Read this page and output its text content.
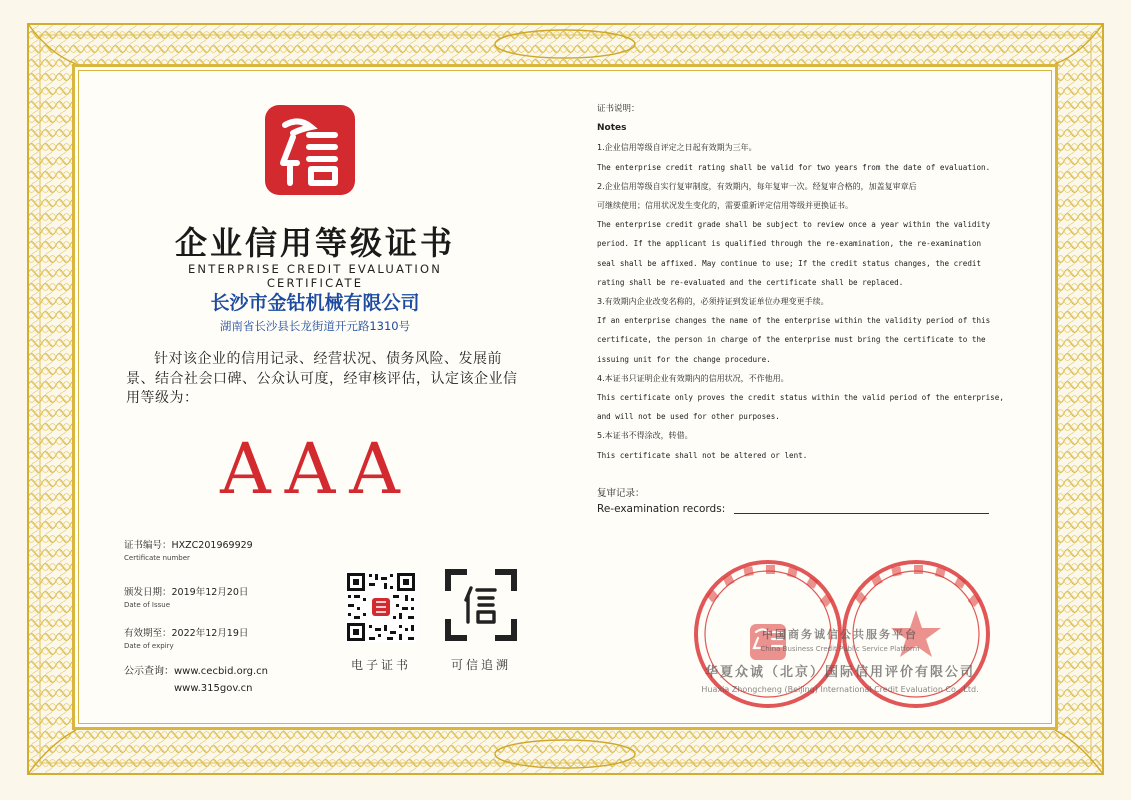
企业信用等级证书
ENTERPRISE CREDIT EVALUATION CERTIFICATE
长沙市金钻机械有限公司
湖南省长沙县长龙街道开元路1310号
针对该企业的信用记录、经营状况、债务风险、发展前景、结合社会口碑、公众认可度，经审核评估，认定该企业信用等级为：
AAA
证书编号：HXZC201969929
Certificate number
颁发日期：2019年12月20日
Date of Issue
有效期至：2022年12月19日
Date of expiry
公示查询：www.cecbid.org.cn
www.315gov.cn
电子证书	可信追溯
证书说明：
Notes
1.企业信用等级自评定之日起有效期为三年。
The enterprise credit rating shall be valid for two years from the date of evaluation.
2.企业信用等级自实行复审制度，有效期内，每年复审一次。经复审合格的，加盖复审章后
可继续使用；信用状况发生变化的，需要重新评定信用等级并更换证书。
The enterprise credit grade shall be subject to review once a year within the validity
period. If the applicant is qualified through the re-examination, the re-examination
seal shall be affixed. May continue to use; If the credit status changes, the credit
rating shall be re-evaluated and the certificate shall be replaced.
3.有效期内企业改变名称的，必须持证到发证单位办理变更手续。
If an enterprise changes the name of the enterprise within the validity period of this
certificate, the person in charge of the enterprise must bring the certificate to the
issuing unit for the change procedure.
4.本证书只证明企业有效期内的信用状况，不作他用。
This certificate only proves the credit status within the valid period of the enterprise,
and will not be used for other purposes.
5.本证书不得涂改，转借。
This certificate shall not be altered or lent.
复审记录：
Re-examination records:
中国商务诚信公共服务平台
China Business Credit Public Service Platform
华夏众诚（北京）国际信用评价有限公司
Huaxia Zhongcheng (Beijing) International Credit Evaluation Co., Ltd.
